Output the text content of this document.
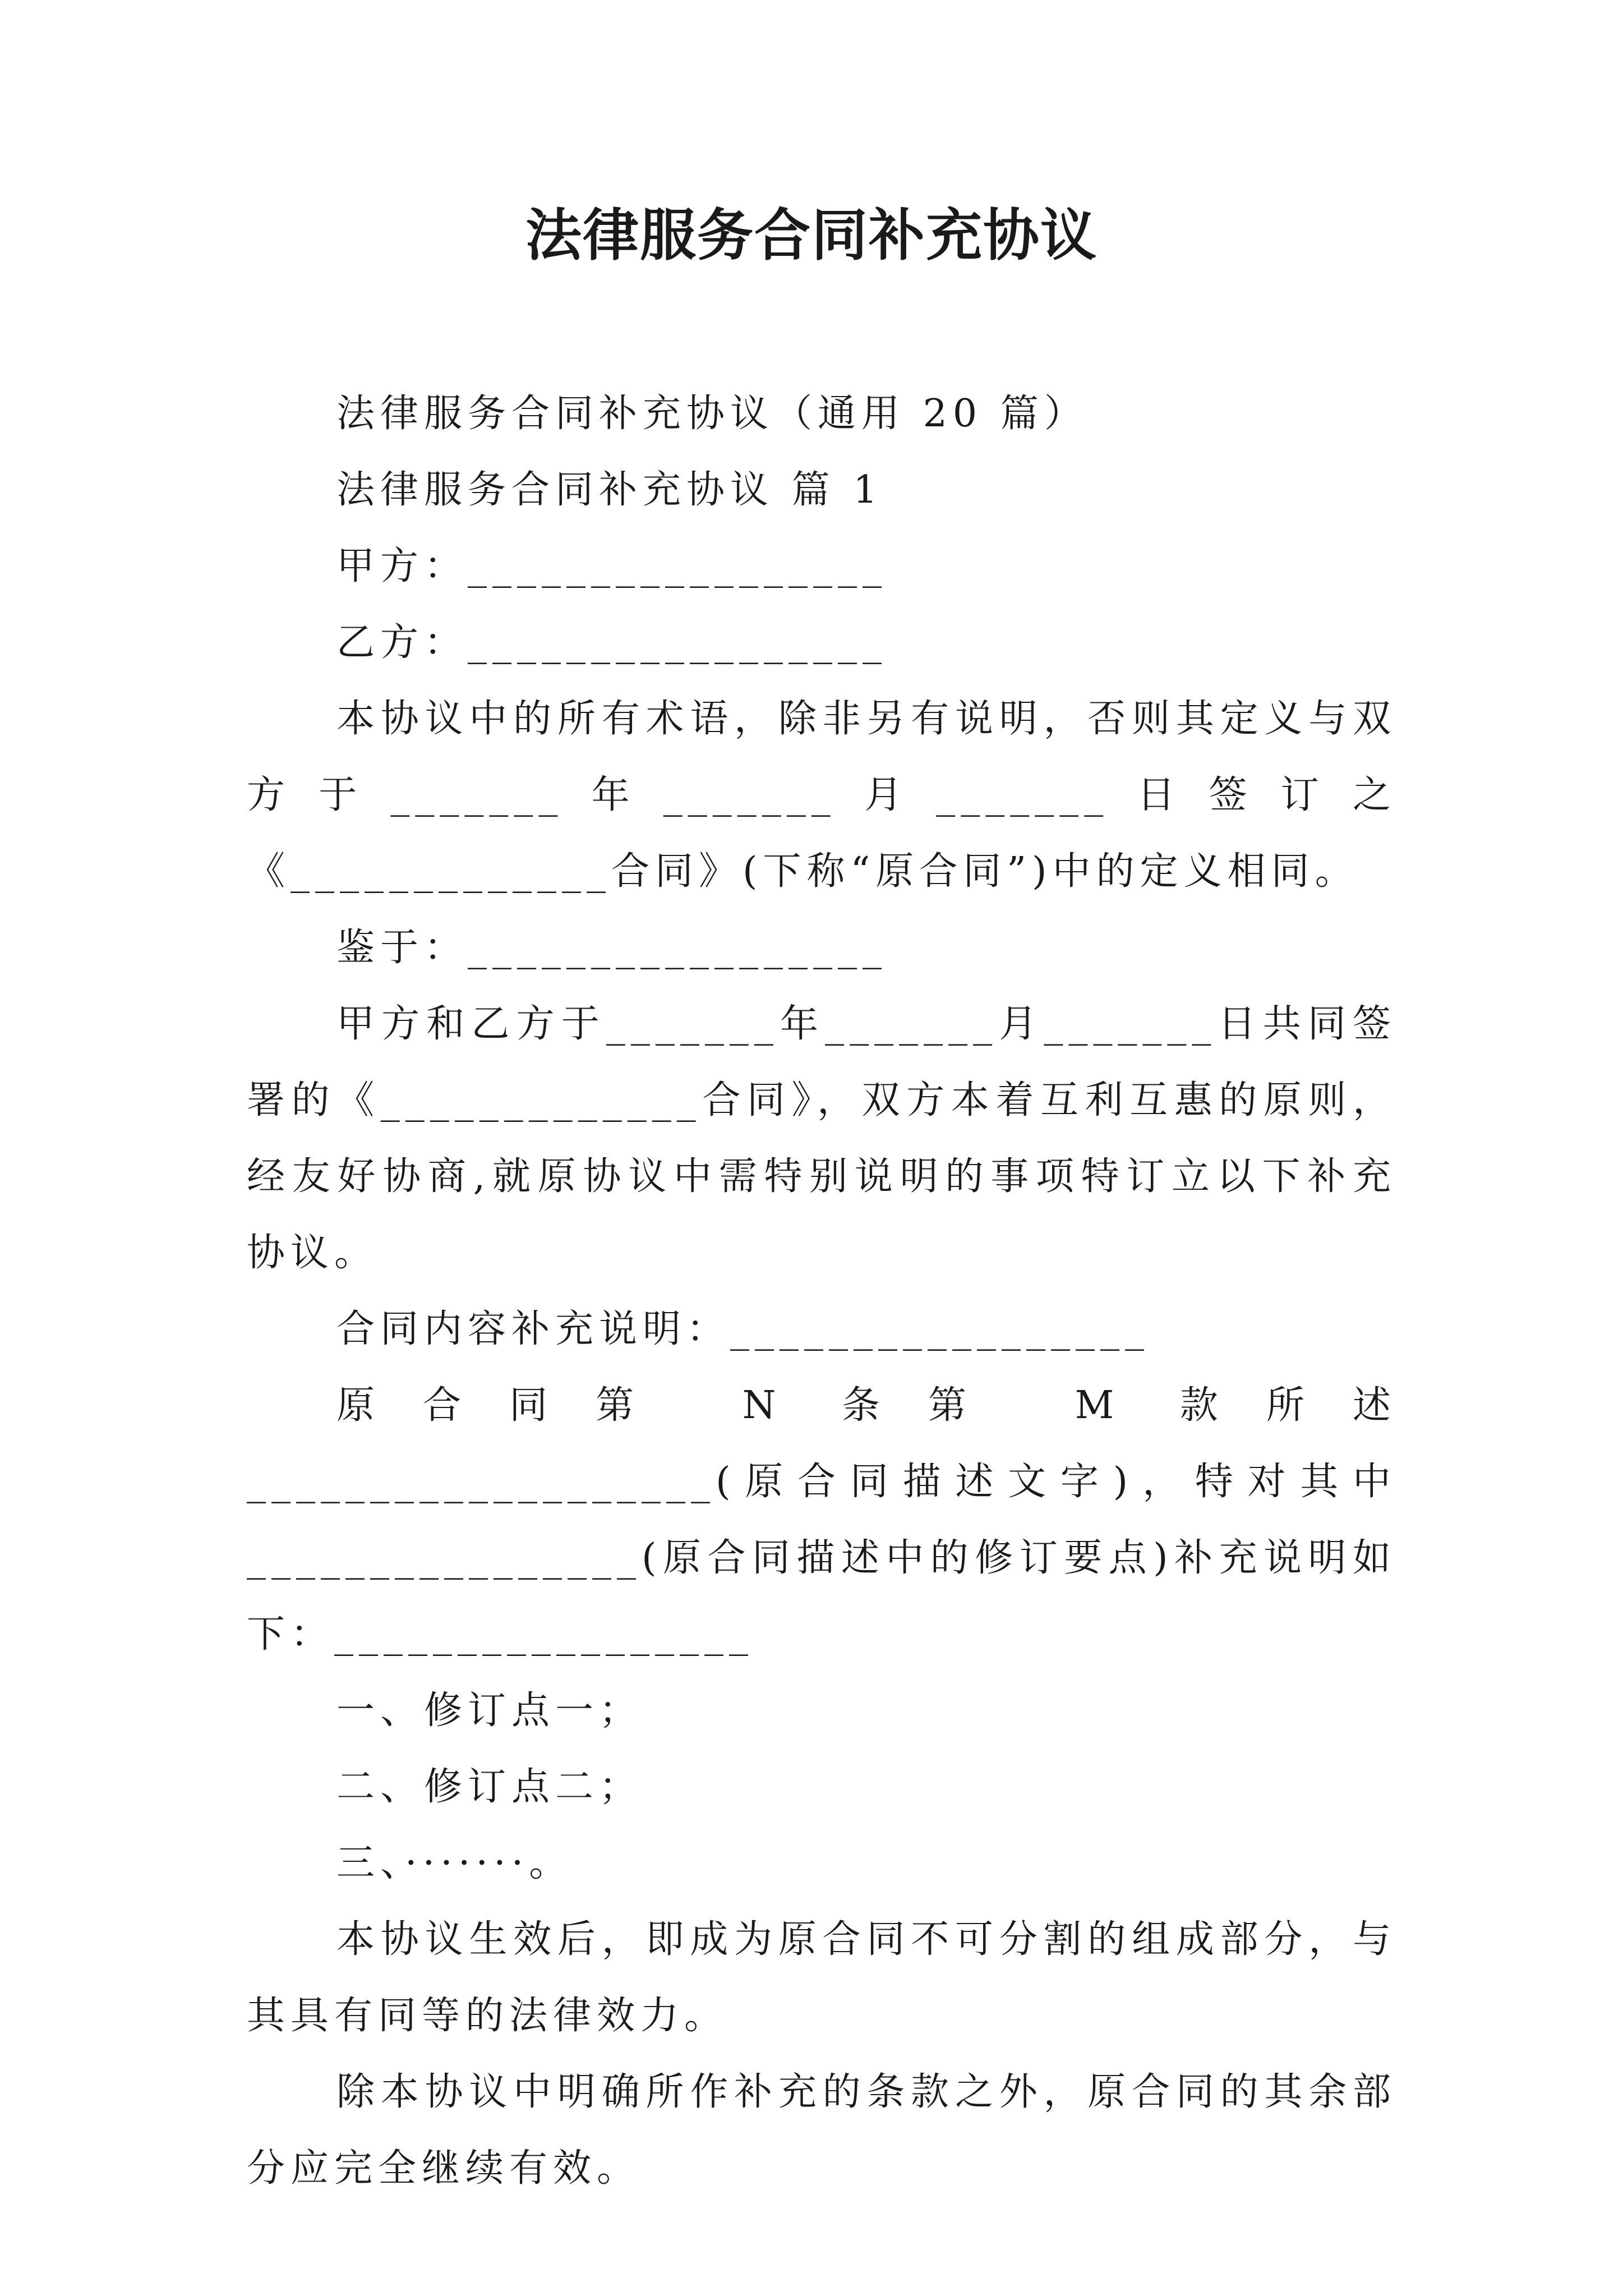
法律服务合同补充协议

法律服务合同补充协议（通用 20 篇）

法律服务合同补充协议 篇 1

甲方：_________________

乙方：_________________

本协议中的所有术语，除非另有说明，否则其定义与双方于_______年_______月_______日签订之《_____________合同》(下称“原合同”)中的定义相同。

鉴于：_________________

甲方和乙方于_______年_______月_______日共同签署的《_____________合同》，双方本着互利互惠的原则，经友好协商,就原协议中需特别说明的事项特订立以下补充协议。

合同内容补充说明：_________________

原合同第 N 条第 M 款所述___________________(原合同描述文字)，特对其中________________(原合同描述中的修订要点)补充说明如下：_________________

一、修订点一；

二、修订点二；

三、·······。

本协议生效后，即成为原合同不可分割的组成部分，与其具有同等的法律效力。

除本协议中明确所作补充的条款之外，原合同的其余部分应完全继续有效。
